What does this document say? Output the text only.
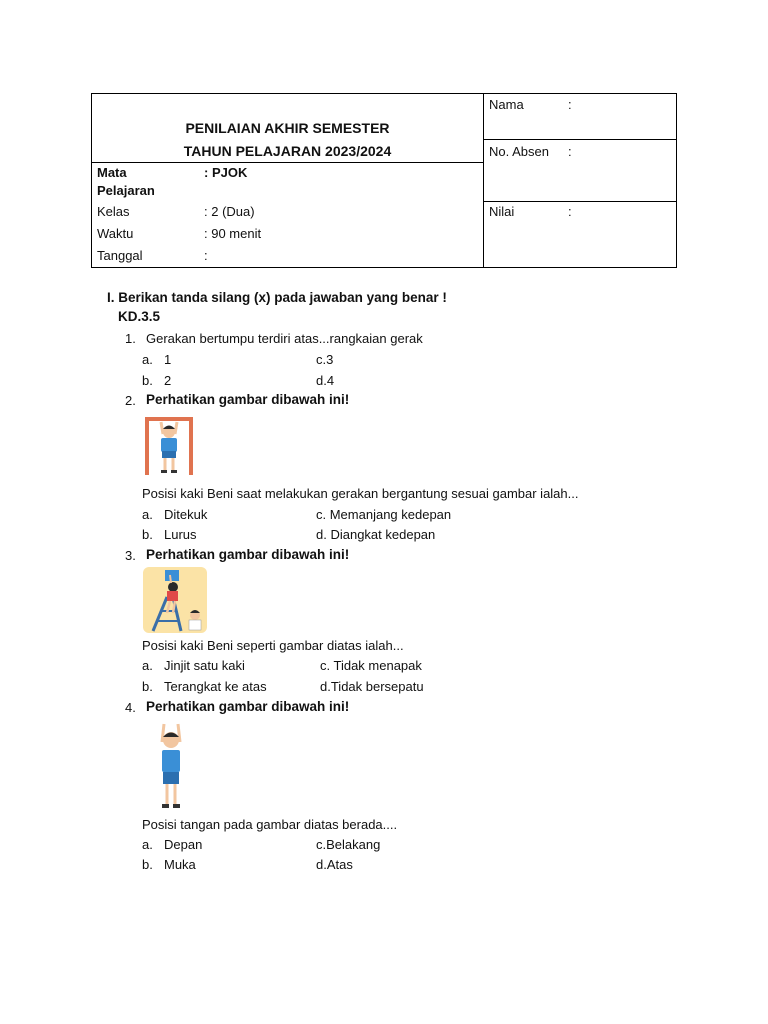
PENILAIAN AKHIR SEMESTER
TAHUN PELAJARAN 2023/2024
Mata
Pelajaran
: PJOK
Kelas	: 2 (Dua)
Waktu	: 90 menit
Tanggal	:
Nama	:
No. Absen :
Nilai	:
I. Berikan tanda silang (x) pada jawaban yang benar !
KD.3.5
1. Gerakan bertumpu terdiri atas...rangkaian gerak
a. 1	c.3
b. 2	d.4
2. Perhatikan gambar dibawah ini!
Posisi kaki Beni saat melakukan gerakan bergantung sesuai gambar ialah...
a. Ditekuk	c. Memanjang kedepan
b. Lurus	d. Diangkat kedepan
3. Perhatikan gambar dibawah ini!
Posisi kaki Beni seperti gambar diatas ialah...
a. Jinjit satu kaki	c. Tidak menapak
b. Terangkat ke atas	d.Tidak bersepatu
4. Perhatikan gambar dibawah ini!
Posisi tangan pada gambar diatas berada....
a. Depan	c.Belakang
b. Muka	d.Atas
